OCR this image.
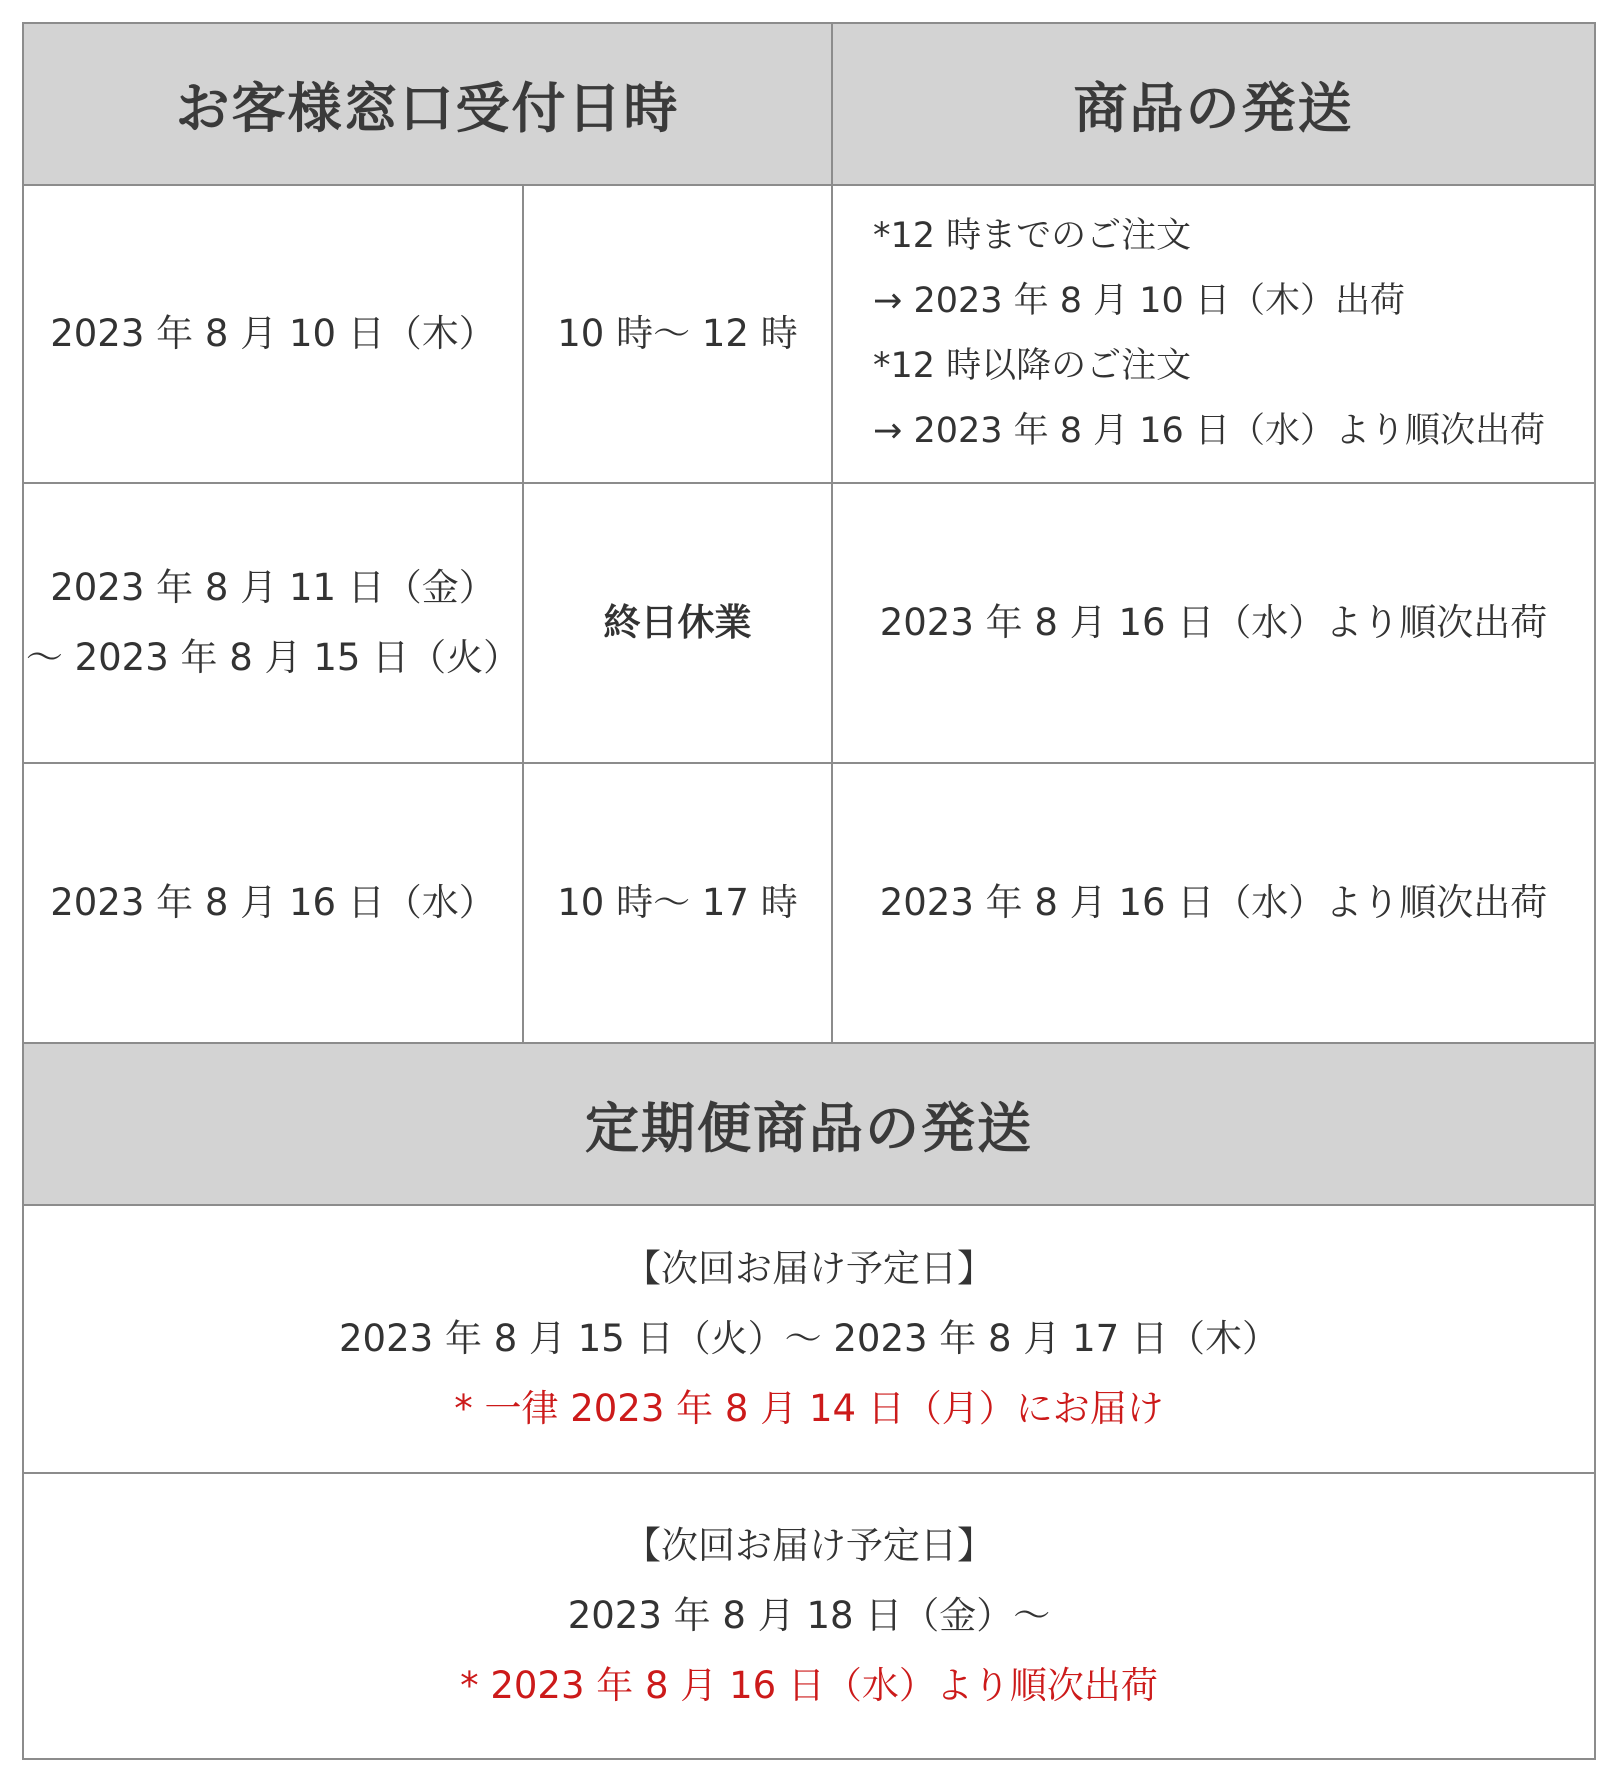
お客様窓口受付日時	商品の発送
2023 年 8 月 10 日（木） 10 時〜 12 時
*12 時までのご注文
→ 2023 年 8 月 10 日（木）出荷
*12 時以降のご注文
→ 2023 年 8 月 16 日（水）より順次出荷
2023 年 8 月 11 日（金）
〜 2023 年 8 月 15 日（火）
終日休業	2023 年 8 月 16 日（水）より順次出荷
2023 年 8 月 16 日（水） 10 時〜 17 時 2023 年 8 月 16 日（水）より順次出荷
定期便商品の発送
【次回お届け予定日】
2023 年 8 月 15 日（火）〜 2023 年 8 月 17 日（木）
* 一律 2023 年 8 月 14 日（月）にお届け
【次回お届け予定日】
2023 年 8 月 18 日（金）〜
* 2023 年 8 月 16 日（水）より順次出荷
